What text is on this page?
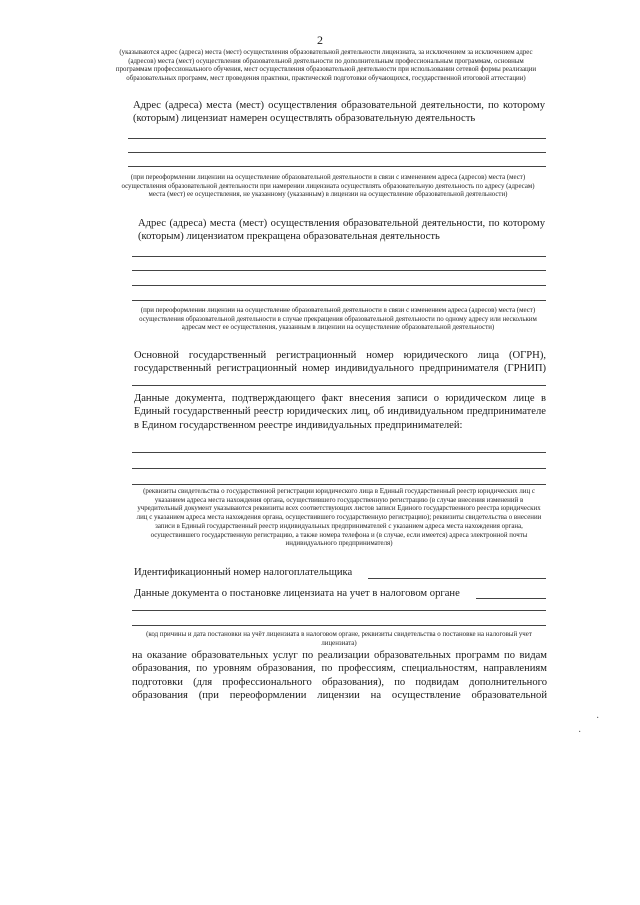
2
(указываются адрес (адреса) места (мест) осуществления образовательной деятельности лицензиата, за исключением за исключением адрес (адресов) места (мест) осуществления образовательной деятельности по дополнительным профессиональным программам, основным программам профессионального обучения, мест осуществления образовательной деятельности при использовании сетевой формы реализации образовательных программ, мест проведения практики, практической подготовки обучающихся, государственной итоговой аттестации)
Адрес (адреса) места (мест) осуществления образовательной деятельности, по которому (которым) лицензиат намерен осуществлять образовательную деятельность
(при переоформлении лицензии на осуществление образовательной деятельности в связи с изменением адреса (адресов) места (мест) осуществления образовательной деятельности при намерении лицензиата осуществлять образовательную деятельность по адресу (адресам) места (мест) ее осуществления, не указанному (указанным) в лицензии на осуществление образовательной деятельности)
Адрес (адреса) места (мест) осуществления образовательной деятельности, по которому (которым) лицензиатом прекращена образовательная деятельность
(при переоформлении лицензии на осуществление образовательной деятельности в связи с изменением адреса (адресов) места (мест) осуществления образовательной деятельности в случае прекращения образовательной деятельности по одному адресу или нескольким адресам мест ее осуществления, указанным в лицензии на осуществление образовательной деятельности)
Основной государственный регистрационный номер юридического лица (ОГРН), государственный регистрационный номер индивидуального предпринимателя (ГРНИП)
Данные документа, подтверждающего факт внесения записи о юридическом лице в Единый государственный реестр юридических лиц, об индивидуальном предпринимателе в Едином государственном реестре индивидуальных предпринимателей:
(реквизиты свидетельства о государственной регистрации юридического лица в Единый государственный реестр юридических лиц с указанием адреса места нахождения органа, осуществившего государственную регистрацию (в случае внесения изменений в учредительный документ указываются реквизиты всех соответствующих листов записи Единого государственного реестра юридических лиц с указанием адреса места нахождения органа, осуществившего государственную регистрацию); реквизиты свидетельства о внесении записи в Единый государственный реестр индивидуальных предпринимателей с указанием адреса места нахождения органа, осуществившего государственную регистрацию, а также номера телефона и (в случае, если имеется) адреса электронной почты индивидуального предпринимателя)
Идентификационный номер налогоплательщика
Данные документа о постановке лицензиата на учет в налоговом органе
(код причины и дата постановки на учёт лицензиата в налоговом органе, реквизиты свидетельства о постановке на налоговый учет лицензиата)
на оказание образовательных услуг по реализации образовательных программ по видам образования, по уровням образования, по профессиям, специальностям, направлениям подготовки (для профессионального образования), по подвидам дополнительного образования (при переоформлении лицензии на осуществление образовательной
·
·
